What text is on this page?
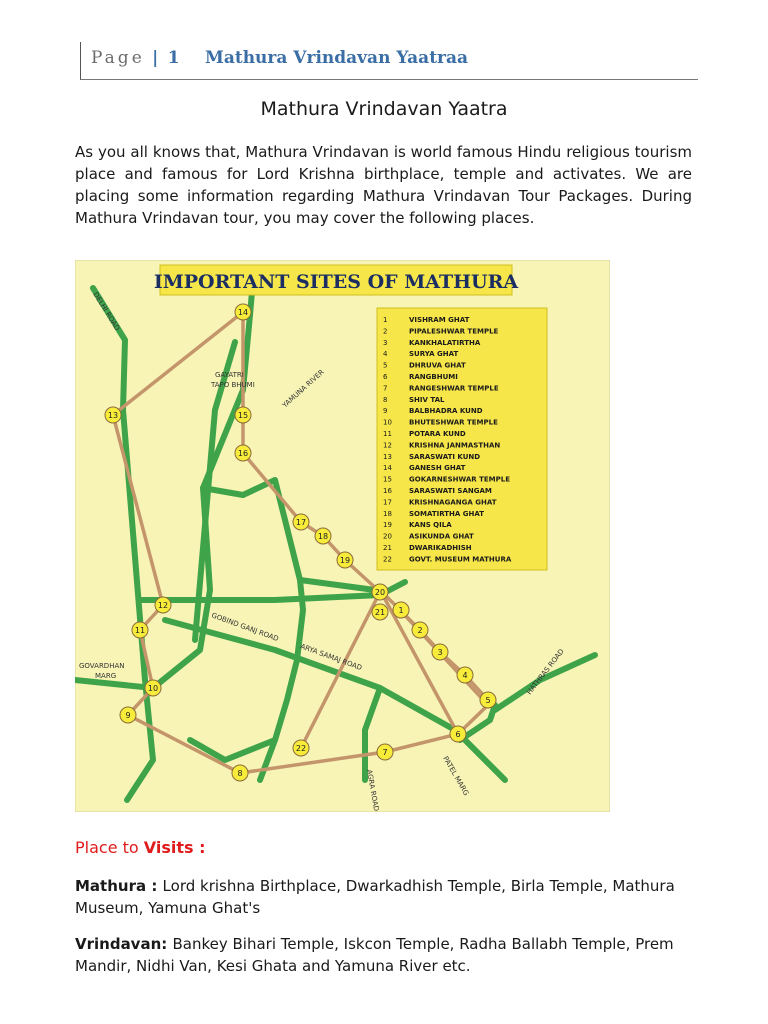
Page | 1 Mathura Vrindavan Yaatraa
Mathura Vrindavan Yaatra
As you all knows that, Mathura Vrindavan is world famous Hindu religious tourism place and famous for Lord Krishna birthplace, temple and activates. We are placing some information regarding Mathura Vrindavan Tour Packages. During Mathura Vrindavan tour, you may cover the following places.
1	VISHRAM GHAT
2	PIPALESHWAR TEMPLE
3	KANKHALATIRTHA
4	SURYA GHAT
5	DHRUVA GHAT
6	RANGBHUMI
7	RANGESHWAR TEMPLE
8	SHIV TAL
9	BALBHADRA KUND
10 BHUTESHWAR TEMPLE
11 POTARA KUND
12 KRISHNA JANMASTHAN
13 SARASWATI KUND
14 GANESH GHAT
15 GOKARNESHWAR TEMPLE
16 SARASWATI SANGAM
17 KRISHNAGANGA GHAT
18 SOMATIRTHA GHAT
19 KANS QILA
20 ASIKUNDA GHAT
21 DWARIKADHISH
22 GOVT. MUSEUM MATHURA
IMPORTANT SITES OF MATHURA
DELHI ROAD
GAYATRI
TAPO BHUMI	YAMUNA RIVER
GOBIND GANJ ROAD
ARYA SAMAJ ROAD
GOVARDHAN
MARG	HATHRAS ROAD
PATEL MARG
AGRA ROAD
1
2
3
4
5
6
7
8
9
10
11
12
13
14
15
16
17
18
19
20
21
22
Place to Visits :
Mathura : Lord krishna Birthplace, Dwarkadhish Temple, Birla Temple, Mathura Museum, Yamuna Ghat's
Vrindavan: Bankey Bihari Temple, Iskcon Temple, Radha Ballabh Temple, Prem Mandir, Nidhi Van, Kesi Ghata and Yamuna River etc.
